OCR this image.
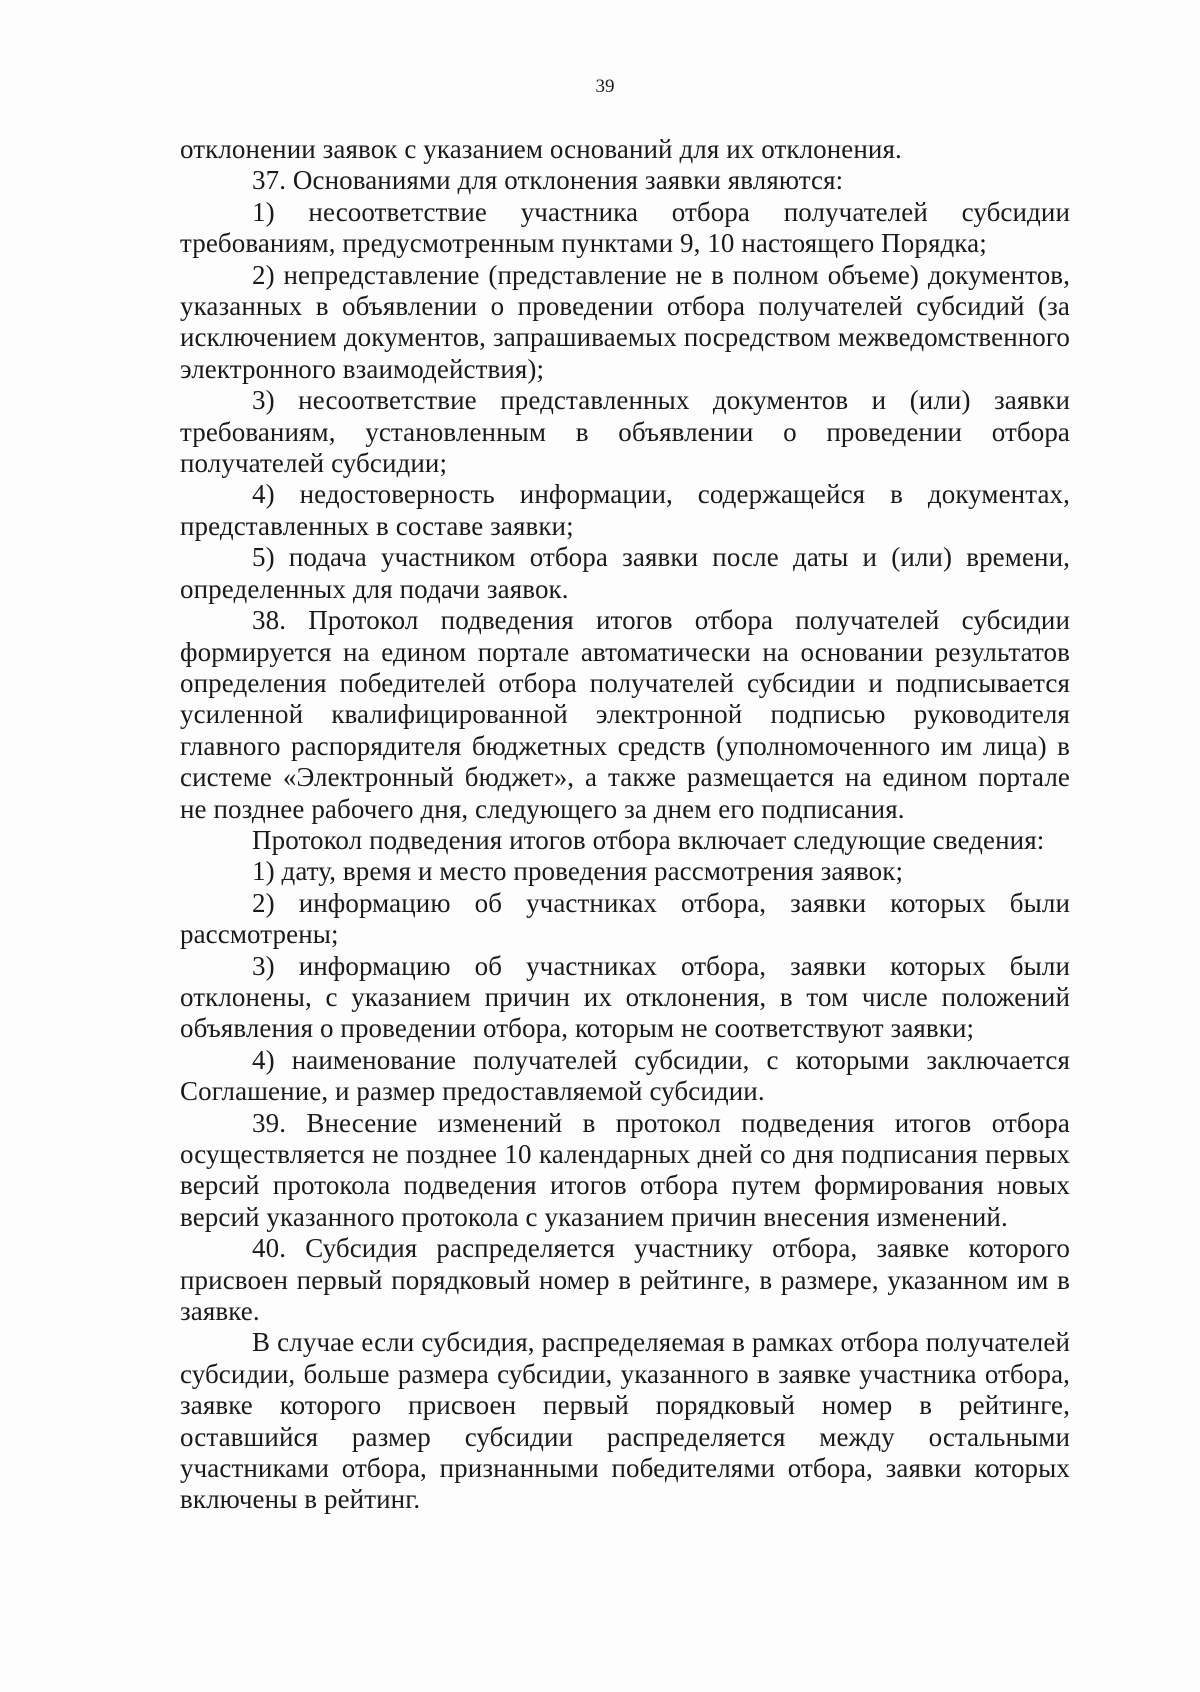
39

отклонении заявок с указанием оснований для их отклонения.

37. Основаниями для отклонения заявки являются:

1) несоответствие участника отбора получателей субсидии требованиям, предусмотренным пунктами 9, 10 настоящего Порядка;

2) непредставление (представление не в полном объеме) документов, указанных в объявлении о проведении отбора получателей субсидий (за исключением документов, запрашиваемых посредством межведомственного электронного взаимодействия);

3) несоответствие представленных документов и (или) заявки требованиям, установленным в объявлении о проведении отбора получателей субсидии;

4) недостоверность информации, содержащейся в документах, представленных в составе заявки;

5) подача участником отбора заявки после даты и (или) времени, определенных для подачи заявок.

38. Протокол подведения итогов отбора получателей субсидии формируется на едином портале автоматически на основании результатов определения победителей отбора получателей субсидии и подписывается усиленной квалифицированной электронной подписью руководителя главного распорядителя бюджетных средств (уполномоченного им лица) в системе «Электронный бюджет», а также размещается на едином портале не позднее рабочего дня, следующего за днем его подписания.

Протокол подведения итогов отбора включает следующие сведения:

1) дату, время и место проведения рассмотрения заявок;

2) информацию об участниках отбора, заявки которых были рассмотрены;

3) информацию об участниках отбора, заявки которых были отклонены, с указанием причин их отклонения, в том числе положений объявления о проведении отбора, которым не соответствуют заявки;

4) наименование получателей субсидии, с которыми заключается Соглашение, и размер предоставляемой субсидии.

39. Внесение изменений в протокол подведения итогов отбора осуществляется не позднее 10 календарных дней со дня подписания первых версий протокола подведения итогов отбора путем формирования новых версий указанного протокола с указанием причин внесения изменений.

40. Субсидия распределяется участнику отбора, заявке которого присвоен первый порядковый номер в рейтинге, в размере, указанном им в заявке.

В случае если субсидия, распределяемая в рамках отбора получателей субсидии, больше размера субсидии, указанного в заявке участника отбора, заявке которого присвоен первый порядковый номер в рейтинге, оставшийся размер субсидии распределяется между остальными участниками отбора, признанными победителями отбора, заявки которых включены в рейтинг.
